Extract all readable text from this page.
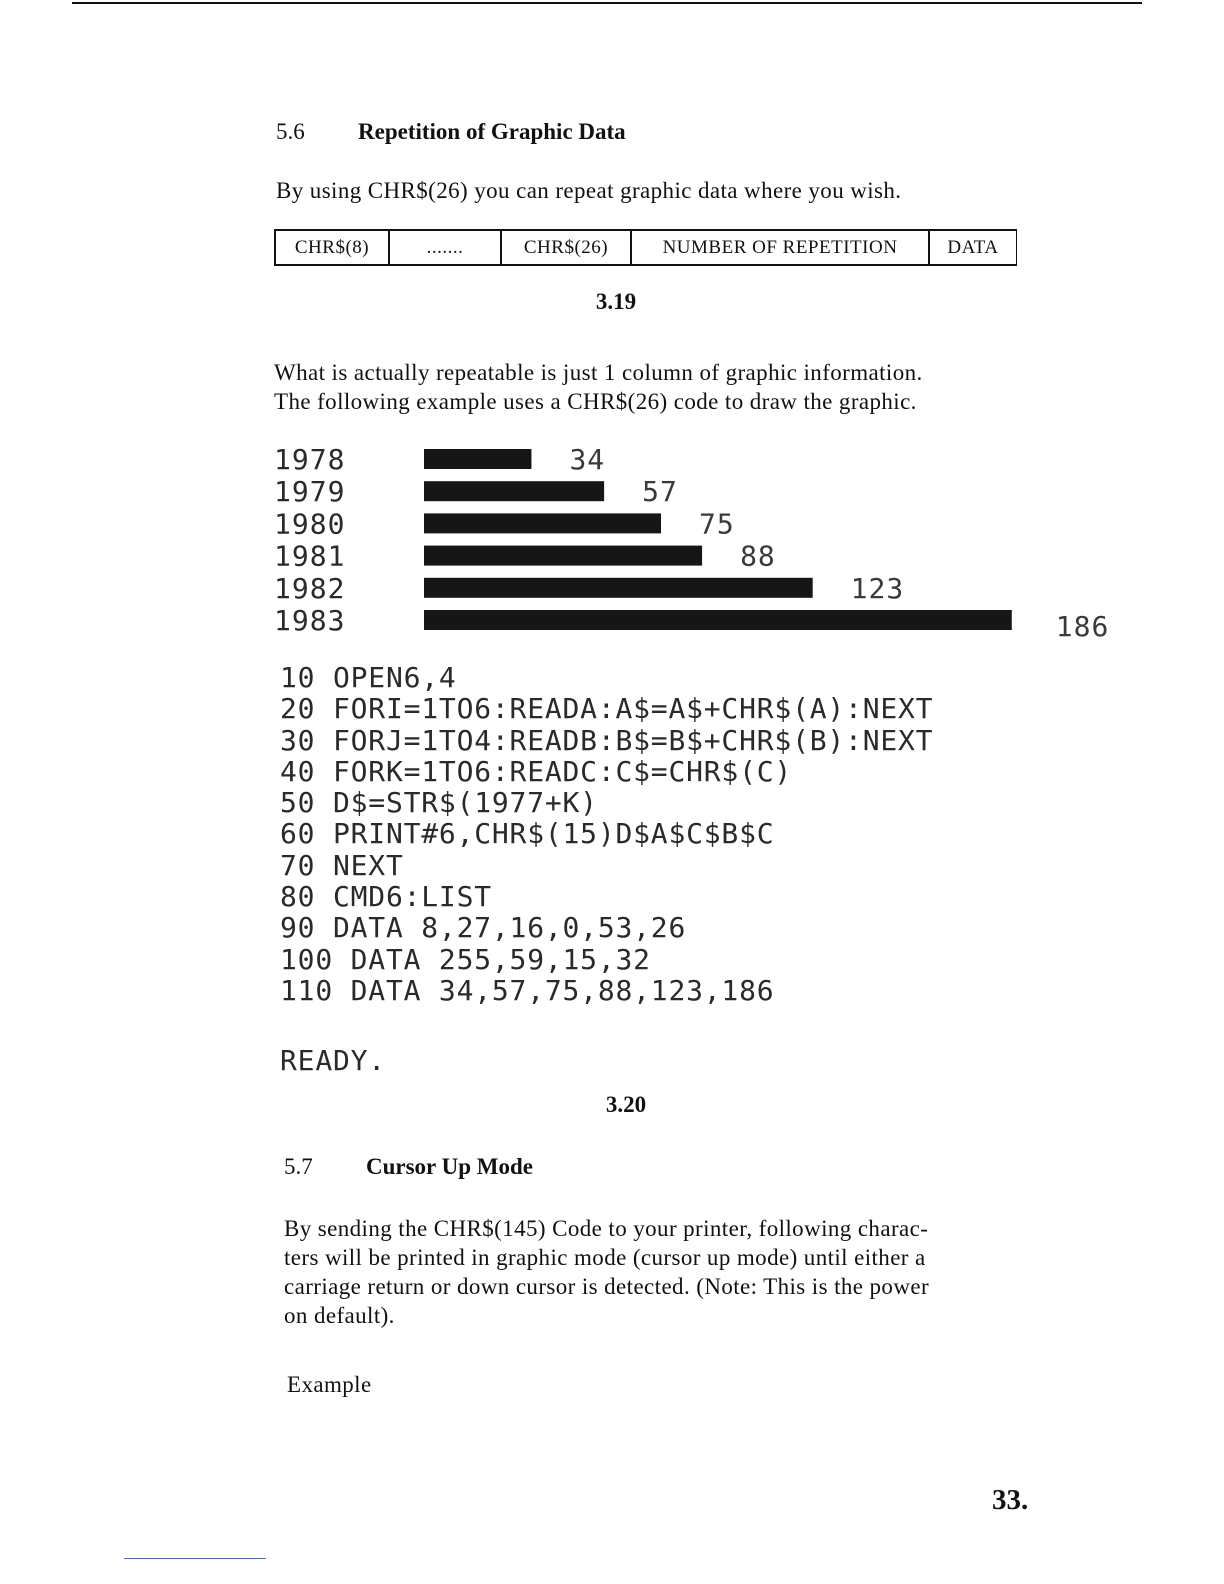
5.6 Repetition of Graphic Data
By using CHR$(26) you can repeat graphic data where you wish.
CHR$(8)	.......	CHR$(26)	NUMBER OF REPETITION	DATA
3.19
What is actually repeatable is just 1 column of graphic information.
The following example uses a CHR$(26) code to draw the graphic.
1978	34
1979	57
1980	75
1981	88
1982	123
1983	186
10 OPEN6,4
20 FORI=1TO6:READA:A$=A$+CHR$(A):NEXT
30 FORJ=1TO4:READB:B$=B$+CHR$(B):NEXT
40 FORK=1TO6:READC:C$=CHR$(C)
50 D$=STR$(1977+K)
60 PRINT#6,CHR$(15)D$A$C$B$C
70 NEXT
80 CMD6:LIST
90 DATA 8,27,16,0,53,26
100 DATA 255,59,15,32
110 DATA 34,57,75,88,123,186
READY.
3.20
5.7 Cursor Up Mode
By sending the CHR$(145) Code to your printer, following charac-
ters will be printed in graphic mode (cursor up mode) until either a
carriage return or down cursor is detected. (Note: This is the power
on default).
Example
33.
